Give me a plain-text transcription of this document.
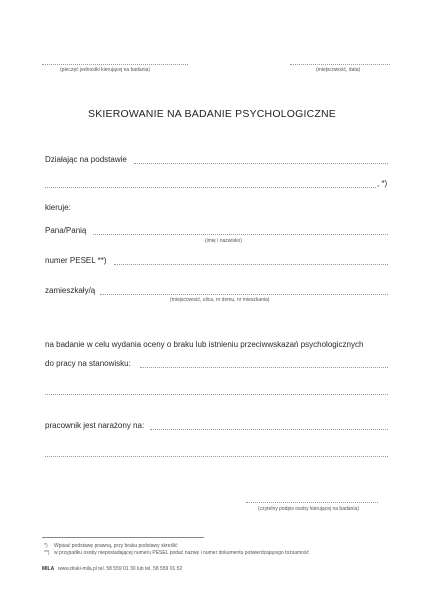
(pieczęć jednostki kierującej na badania)	(miejscowość, data)
SKIEROWANIE NA BADANIE PSYCHOLOGICZNE
Działając na podstawie
, *)
kieruje:
Pana/Panią
(imię i nazwisko)
numer PESEL **)
zamieszkały/ą
(miejscowość, ulica, nr domu, nr mieszkania)
na badanie w celu wydania oceny o braku lub istnieniu przeciwwskazań psychologicznych
do pracy na stanowisku:
pracownik jest narażony na:
(czytelny podpis osoby kierującej na badania)
*) Wpisać podstawę prawną, przy braku podstawy skreślić
**) w przypadku osoby nieposiadającej numeru PESEL podać nazwę i numer dokumentu potwierdzającego tożsamość
MILA www.druki-mila.pl tel. 58 559 01 30 lub tel. 58 559 01 52
